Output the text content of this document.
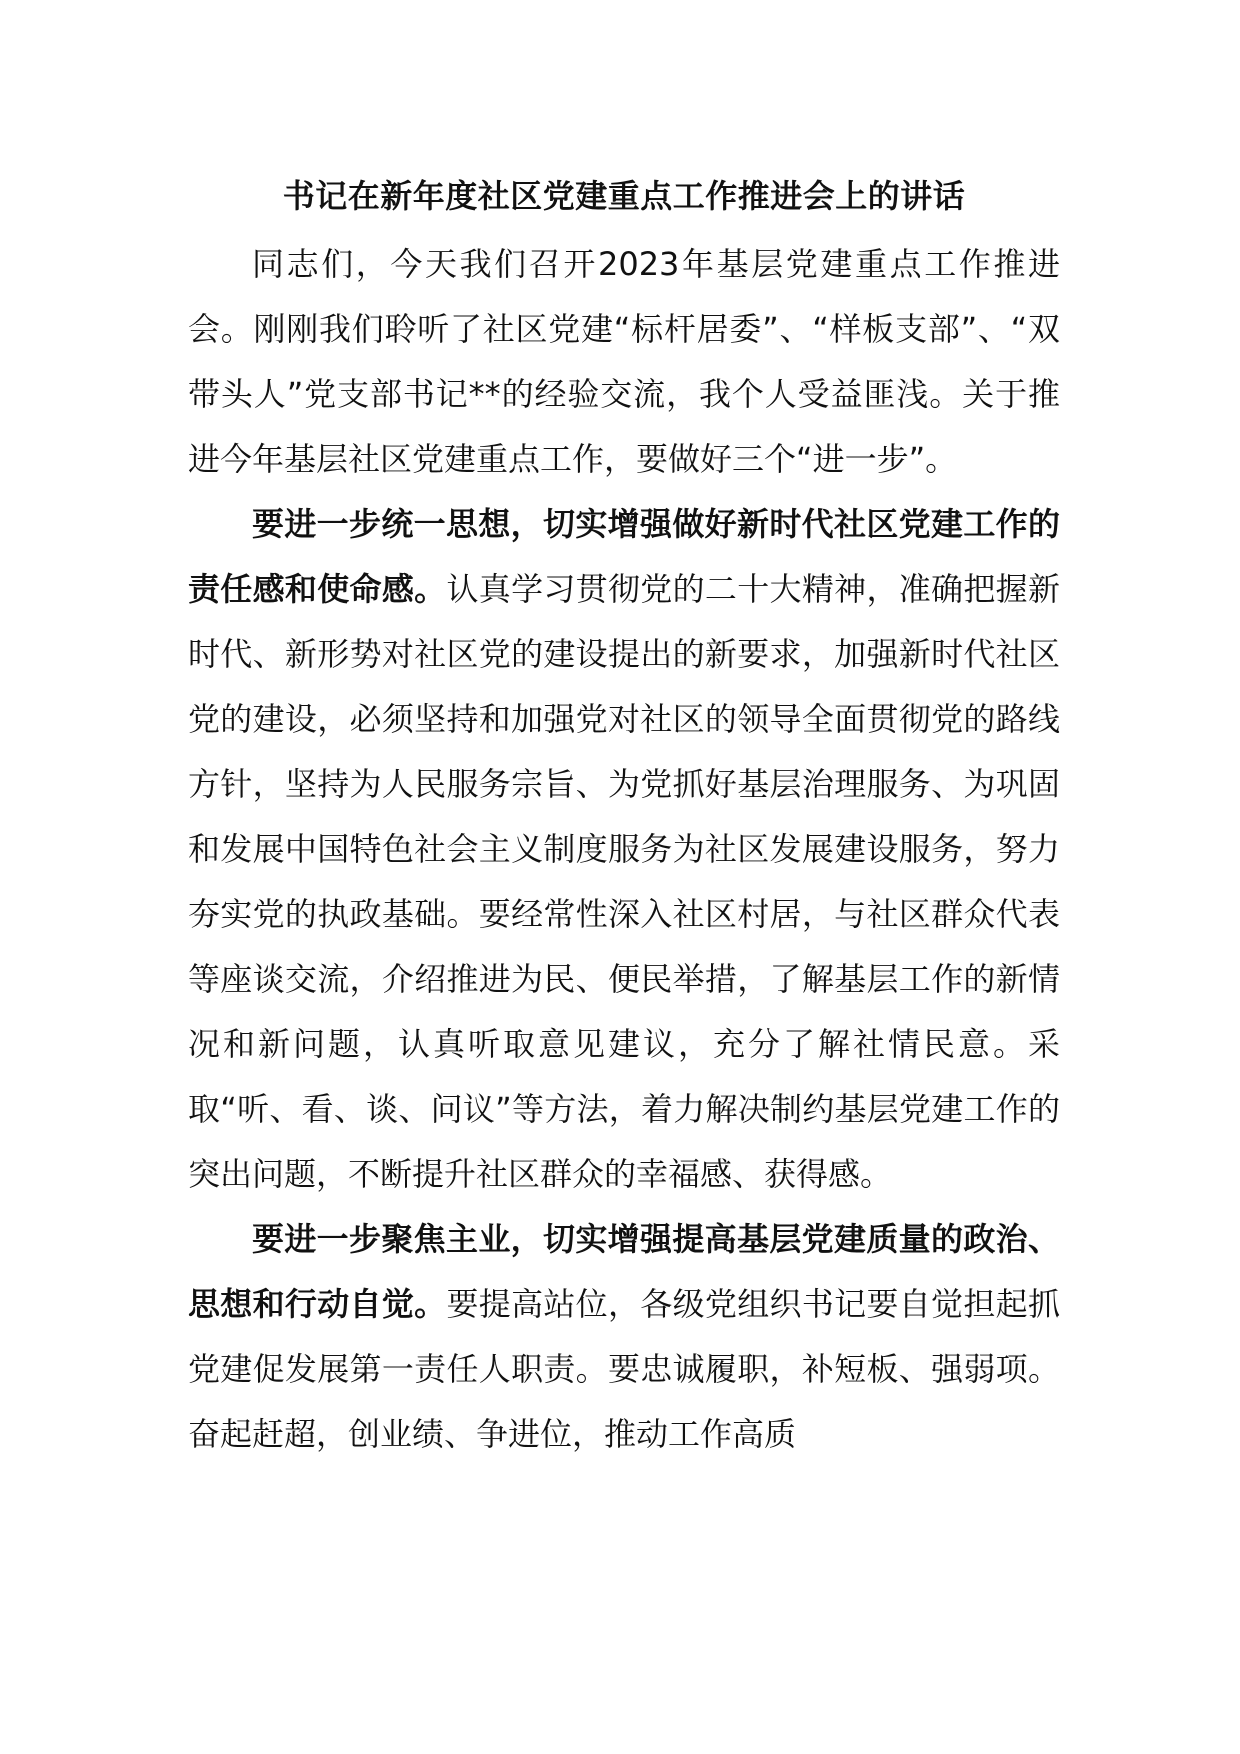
书记在新年度社区党建重点工作推进会上的讲话

同志们，今天我们召开2023年基层党建重点工作推进会。刚刚我们聆听了社区党建“标杆居委”、“样板支部”、“双带头人”党支部书记**的经验交流，我个人受益匪浅。关于推进今年基层社区党建重点工作，要做好三个“进一步”。

要进一步统一思想，切实增强做好新时代社区党建工作的责任感和使命感。认真学习贯彻党的二十大精神，准确把握新时代、新形势对社区党的建设提出的新要求，加强新时代社区党的建设，必须坚持和加强党对社区的领导全面贯彻党的路线方针，坚持为人民服务宗旨、为党抓好基层治理服务、为巩固和发展中国特色社会主义制度服务为社区发展建设服务，努力夯实党的执政基础。要经常性深入社区村居，与社区群众代表等座谈交流，介绍推进为民、便民举措，了解基层工作的新情况和新问题，认真听取意见建议，充分了解社情民意。采取“听、看、谈、问议”等方法，着力解决制约基层党建工作的突出问题，不断提升社区群众的幸福感、获得感。

要进一步聚焦主业，切实增强提高基层党建质量的政治、思想和行动自觉。要提高站位，各级党组织书记要自觉担起抓党建促发展第一责任人职责。要忠诚履职，补短板、强弱项。奋起赶超，创业绩、争进位，推动工作高质
